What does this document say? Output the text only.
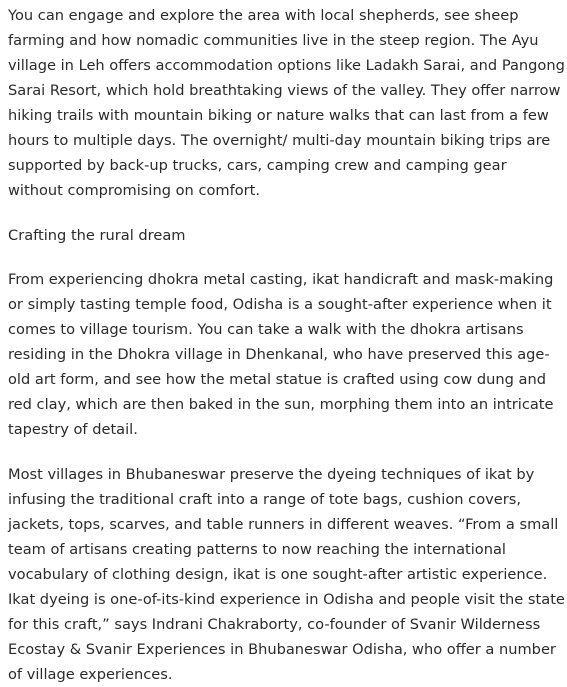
You can engage and explore the area with local shepherds, see sheep farming and how nomadic communities live in the steep region. The Ayu village in Leh offers accommodation options like Ladakh Sarai, and Pangong Sarai Resort, which hold breathtaking views of the valley. They offer narrow hiking trails with mountain biking or nature walks that can last from a few hours to multiple days. The overnight/ multi-day mountain biking trips are supported by back-up trucks, cars, camping crew and camping gear without compromising on comfort.

Crafting the rural dream

From experiencing dhokra metal casting, ikat handicraft and mask-making or simply tasting temple food, Odisha is a sought-after experience when it comes to village tourism. You can take a walk with the dhokra artisans residing in the Dhokra village in Dhenkanal, who have preserved this age-old art form, and see how the metal statue is crafted using cow dung and red clay, which are then baked in the sun, morphing them into an intricate tapestry of detail.

Most villages in Bhubaneswar preserve the dyeing techniques of ikat by infusing the traditional craft into a range of tote bags, cushion covers, jackets, tops, scarves, and table runners in different weaves. “From a small team of artisans creating patterns to now reaching the international vocabulary of clothing design, ikat is one sought-after artistic experience. Ikat dyeing is one-of-its-kind experience in Odisha and people visit the state for this craft,” says Indrani Chakraborty, co-founder of Svanir Wilderness Ecostay & Svanir Experiences in Bhubaneswar Odisha, who offer a number of village experiences.
